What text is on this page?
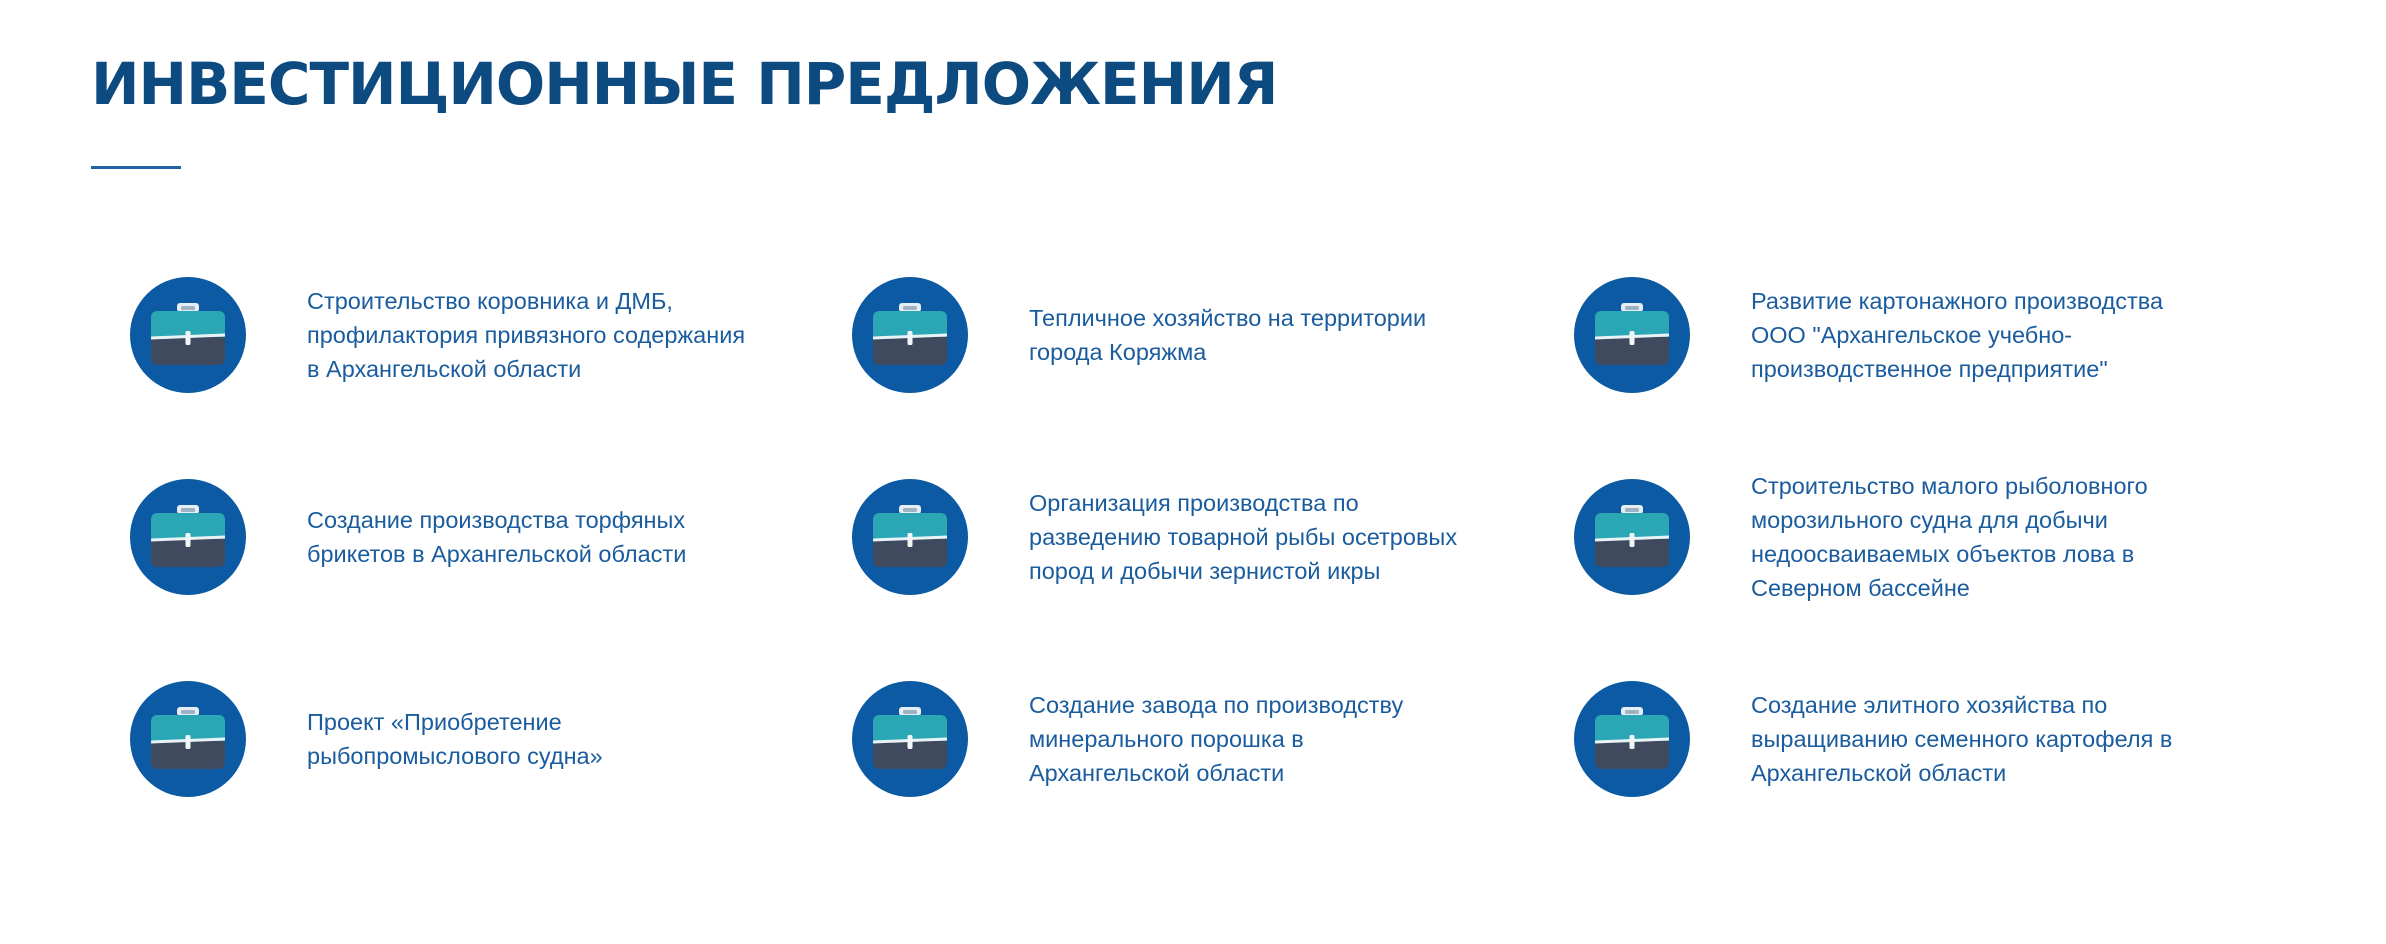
ИНВЕСТИЦИОННЫЕ ПРЕДЛОЖЕНИЯ
Строительство коровника и ДМБ, профилактория привязного содержания в Архангельской области
Тепличное хозяйство на территории города Коряжма
Развитие картонажного производства ООО "Архангельское учебно-производственное предприятие"
Создание производства торфяных брикетов в Архангельской области
Организация производства по разведению товарной рыбы осетровых пород и добычи зернистой икры
Строительство малого рыболовного морозильного судна для добычи недоосваиваемых объектов лова в Северном бассейне
Проект «Приобретение рыбопромыслового судна»
Создание завода по производству минерального порошка в Архангельской области
Создание элитного хозяйства по выращиванию семенного картофеля в Архангельской области
